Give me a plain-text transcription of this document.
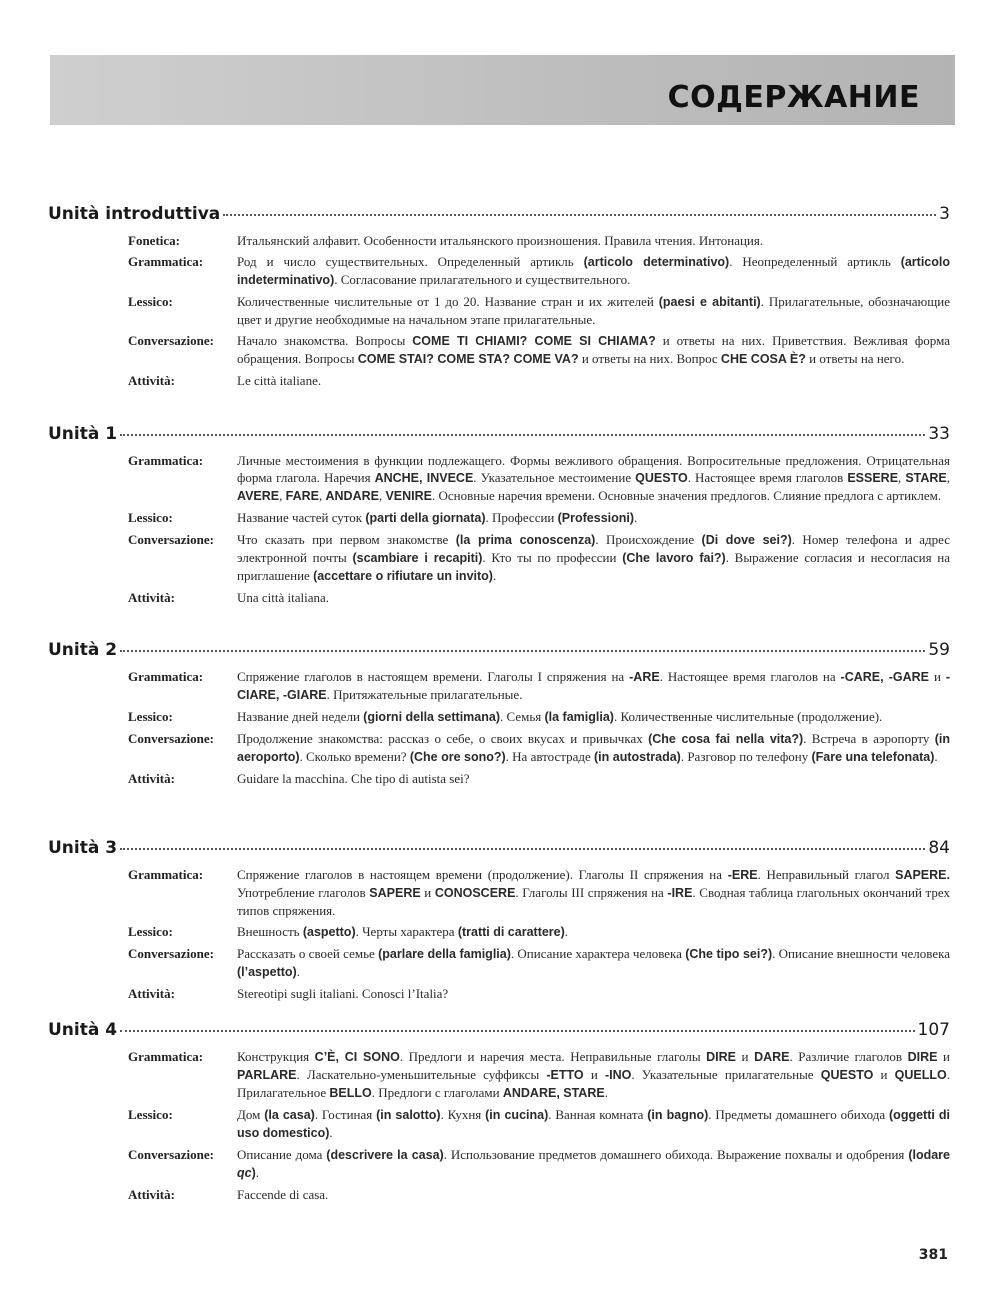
СОДЕРЖАНИЕ
Unità introduttiva	3
Fonetica:	Итальянский алфавит. Особенности итальянского произношения. Правила чтения. Интонация.
Grammatica:	Род и число существительных. Определенный артикль (articolo determinativo). Неопределенный артикль (articolo indeterminativo). Согласование прилагательного и существительного.
Lessico:	Количественные числительные от 1 до 20. Название стран и их жителей (paesi e abitanti). Прилагательные, обозначающие цвет и другие необходимые на начальном этапе прилагательные.
Conversazione:	Начало знакомства. Вопросы COME TI CHIAMI? COME SI CHIAMA? и ответы на них. Приветствия. Вежливая форма обращения. Вопросы COME STAI? COME STA? COME VA? и ответы на них. Вопрос CHE COSA È? и ответы на него.
Attività:	Le città italiane.
Unità 1	33
Grammatica:	Личные местоимения в функции подлежащего. Формы вежливого обращения. Вопросительные предложения. Отрицательная форма глагола. Наречия ANCHE, INVECE. Указательное местоимение QUESTO. Настоящее время глаголов ESSERE, STARE, AVERE, FARE, ANDARE, VENIRE. Основные наречия времени. Основные значения предлогов. Слияние предлога с артиклем.
Lessico:	Название частей суток (parti della giornata). Профессии (Professioni).
Conversazione:	Что сказать при первом знакомстве (la prima conoscenza). Происхождение (Di dove sei?). Номер телефона и адрес электронной почты (scambiare i recapiti). Кто ты по профессии (Che lavoro fai?). Выражение согласия и несогласия на приглашение (accettare o rifiutare un invito).
Attività:	Una città italiana.
Unità 2	59
Grammatica:	Спряжение глаголов в настоящем времени. Глаголы I спряжения на -ARE. Настоящее время глаголов на -CARE, -GARE и -CIARE, -GIARE. Притяжательные прилагательные.
Lessico:	Название дней недели (giorni della settimana). Семья (la famiglia). Количественные числительные (продолжение).
Conversazione:	Продолжение знакомства: рассказ о себе, о своих вкусах и привычках (Che cosa fai nella vita?). Встреча в аэропорту (in aeroporto). Сколько времени? (Che ore sono?). На автостраде (in autostrada). Разговор по телефону (Fare una telefonata).
Attività:	Guidare la macchina. Che tipo di autista sei?
Unità 3	84
Grammatica:	Спряжение глаголов в настоящем времени (продолжение). Глаголы II спряжения на -ERE. Неправильный глагол SAPERE. Употребление глаголов SAPERE и CONOSCERE. Глаголы III спряжения на -IRE. Сводная таблица глагольных окончаний трех типов спряжения.
Lessico:	Внешность (aspetto). Черты характера (tratti di carattere).
Conversazione:	Рассказать о своей семье (parlare della famiglia). Описание характера человека (Che tipo sei?). Описание внешности человека (l’aspetto).
Attività:	Stereotipi sugli italiani. Conosci l’Italia?
Unità 4	107
Grammatica:	Конструкция C’È, CI SONO. Предлоги и наречия места. Неправильные глаголы DIRE и DARE. Различие глаголов DIRE и PARLARE. Ласкательно-уменьшительные суффиксы -ETTO и -INO. Указательные прилагательные QUESTO и QUELLO. Прилагательное BELLO. Предлоги с глаголами ANDARE, STARE.
Lessico:	Дом (la casa). Гостиная (in salotto). Кухня (in cucina). Ванная комната (in bagno). Предметы домашнего обихода (oggetti di uso domestico).
Conversazione:	Описание дома (descrivere la casa). Использование предметов домашнего обихода. Выражение похвалы и одобрения (lodare qc).
Attività:	Faccende di casa.
381
